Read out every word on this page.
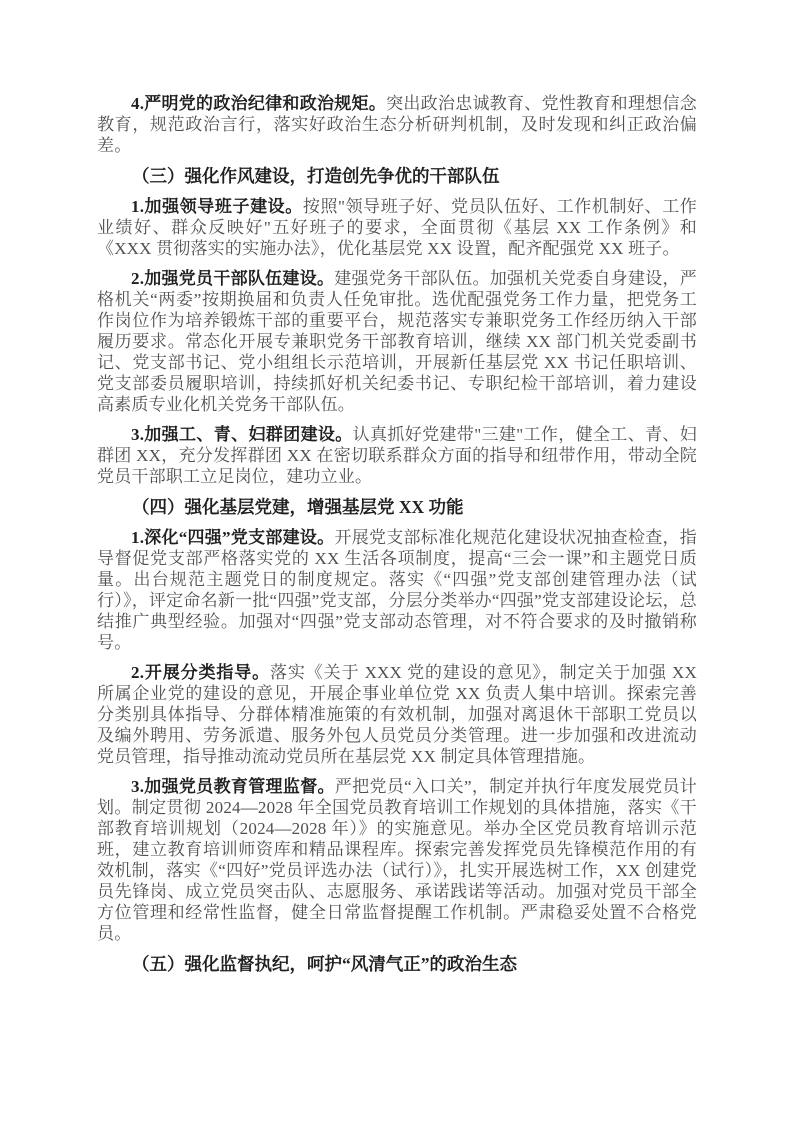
4.严明党的政治纪律和政治规矩。突出政治忠诚教育、党性教育和理想信念教育，规范政治言行，落实好政治生态分析研判机制，及时发现和纠正政治偏差。

（三）强化作风建设，打造创先争优的干部队伍

1.加强领导班子建设。按照"领导班子好、党员队伍好、工作机制好、工作业绩好、群众反映好"五好班子的要求，全面贯彻《基层 XX 工作条例》和《XXX 贯彻落实的实施办法》，优化基层党 XX 设置，配齐配强党 XX 班子。

2.加强党员干部队伍建设。建强党务干部队伍。加强机关党委自身建设，严格机关“两委”按期换届和负责人任免审批。选优配强党务工作力量，把党务工作岗位作为培养锻炼干部的重要平台，规范落实专兼职党务工作经历纳入干部履历要求。常态化开展专兼职党务干部教育培训，继续 XX 部门机关党委副书记、党支部书记、党小组组长示范培训，开展新任基层党 XX 书记任职培训、党支部委员履职培训，持续抓好机关纪委书记、专职纪检干部培训，着力建设高素质专业化机关党务干部队伍。

3.加强工、青、妇群团建设。认真抓好党建带"三建"工作，健全工、青、妇群团 XX，充分发挥群团 XX 在密切联系群众方面的指导和纽带作用，带动全院党员干部职工立足岗位，建功立业。

（四）强化基层党建，增强基层党 XX 功能

1.深化“四强”党支部建设。开展党支部标准化规范化建设状况抽查检查，指导督促党支部严格落实党的 XX 生活各项制度，提高“三会一课”和主题党日质量。出台规范主题党日的制度规定。落实《“四强”党支部创建管理办法（试行）》，评定命名新一批“四强”党支部，分层分类举办“四强”党支部建设论坛，总结推广典型经验。加强对“四强”党支部动态管理，对不符合要求的及时撤销称号。

2.开展分类指导。落实《关于 XXX 党的建设的意见》，制定关于加强 XX 所属企业党的建设的意见，开展企事业单位党 XX 负责人集中培训。探索完善分类别具体指导、分群体精准施策的有效机制，加强对离退休干部职工党员以及编外聘用、劳务派遣、服务外包人员党员分类管理。进一步加强和改进流动党员管理，指导推动流动党员所在基层党 XX 制定具体管理措施。

3.加强党员教育管理监督。严把党员“入口关”，制定并执行年度发展党员计划。制定贯彻 2024—2028 年全国党员教育培训工作规划的具体措施，落实《干部教育培训规划（2024—2028 年）》的实施意见。举办全区党员教育培训示范班，建立教育培训师资库和精品课程库。探索完善发挥党员先锋模范作用的有效机制，落实《“四好”党员评选办法（试行）》，扎实开展选树工作，XX 创建党员先锋岗、成立党员突击队、志愿服务、承诺践诺等活动。加强对党员干部全方位管理和经常性监督，健全日常监督提醒工作机制。严肃稳妥处置不合格党员。

（五）强化监督执纪，呵护“风清气正”的政治生态
